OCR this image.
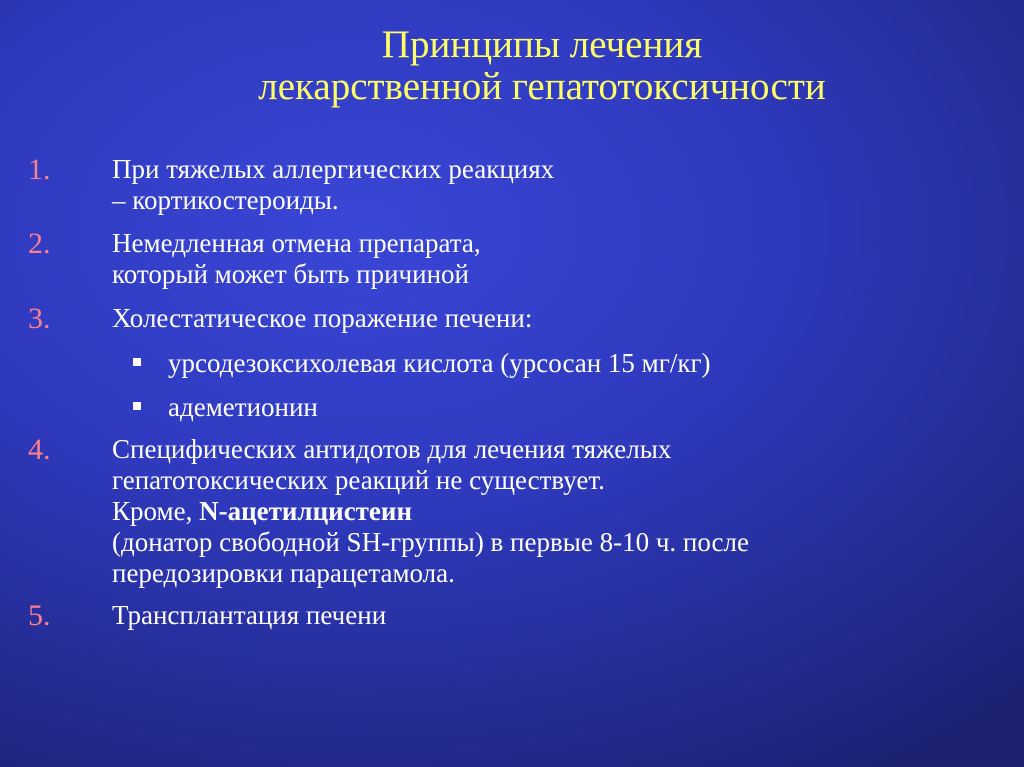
Принципы лечения
лекарственной гепатотоксичности
1. При тяжелых аллергических реакциях
– кортикостероиды.
2. Немедленная отмена препарата,
который может быть причиной
3. Холестатическое поражение печени:
урсодезоксихолевая кислота (урсосан 15 мг/кг)
адеметионин
4. Специфических антидотов для лечения тяжелых
гепатотоксических реакций не существует.
Кроме, N-ацетилцистеин
(донатор свободной SH-группы) в первые 8-10 ч. после
передозировки парацетамола.
5. Трансплантация печени
